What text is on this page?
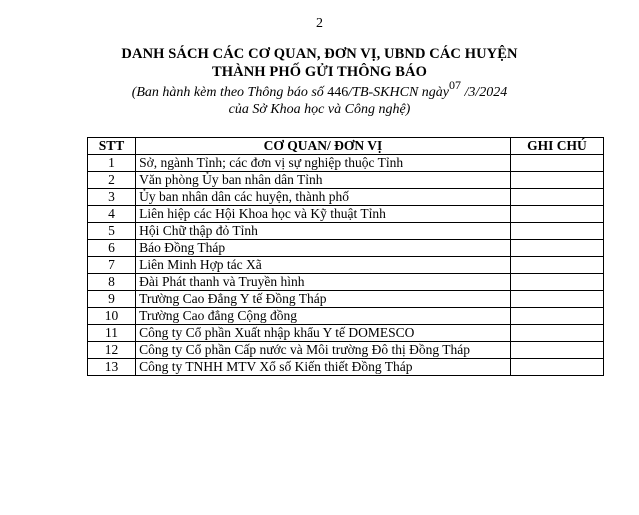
2
DANH SÁCH CÁC CƠ QUAN, ĐƠN VỊ, UBND CÁC HUYỆN
THÀNH PHỐ GỬI THÔNG BÁO
(Ban hành kèm theo Thông báo số 446/TB-SKHCN ngày07 /3/2024
của Sở Khoa học và Công nghệ)
STT	CƠ QUAN/ ĐƠN VỊ	GHI CHÚ
1	Sở, ngành Tỉnh; các đơn vị sự nghiệp thuộc Tỉnh	
2	Văn phòng Ủy ban nhân dân Tỉnh	
3	Ủy ban nhân dân các huyện, thành phố	
4	Liên hiệp các Hội Khoa học và Kỹ thuật Tỉnh	
5	Hội Chữ thập đỏ Tỉnh	
6	Báo Đồng Tháp	
7	Liên Minh Hợp tác Xã	
8	Đài Phát thanh và Truyền hình	
9	Trường Cao Đẳng Y tế Đồng Tháp	
10	Trường Cao đẳng Cộng đồng	
11	Công ty Cổ phần Xuất nhập khẩu Y tế DOMESCO	
12	Công ty Cổ phần Cấp nước và Môi trường Đô thị Đồng Tháp	
13	Công ty TNHH MTV Xổ số Kiến thiết Đồng Tháp	
